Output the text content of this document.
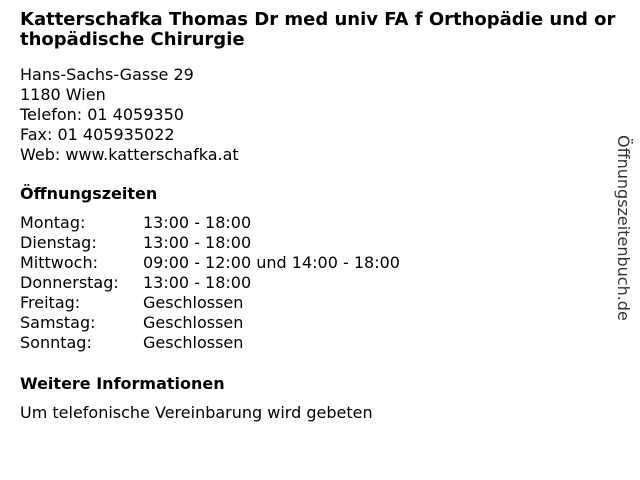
Katterschafka Thomas Dr med univ FA f Orthopädie und orthopädische Chirurgie
Hans-Sachs-Gasse 29
1180 Wien
Telefon: 01 4059350
Fax: 01 405935022
Web: www.katterschafka.at
Öffnungszeiten
Montag:	13:00 - 18:00
Dienstag:	13:00 - 18:00
Mittwoch:	09:00 - 12:00 und 14:00 - 18:00
Donnerstag:	13:00 - 18:00
Freitag:	Geschlossen
Samstag:	Geschlossen
Sonntag:	Geschlossen
Weitere Informationen
Um telefonische Vereinbarung wird gebeten
Öffnungszeitenbuch.de
